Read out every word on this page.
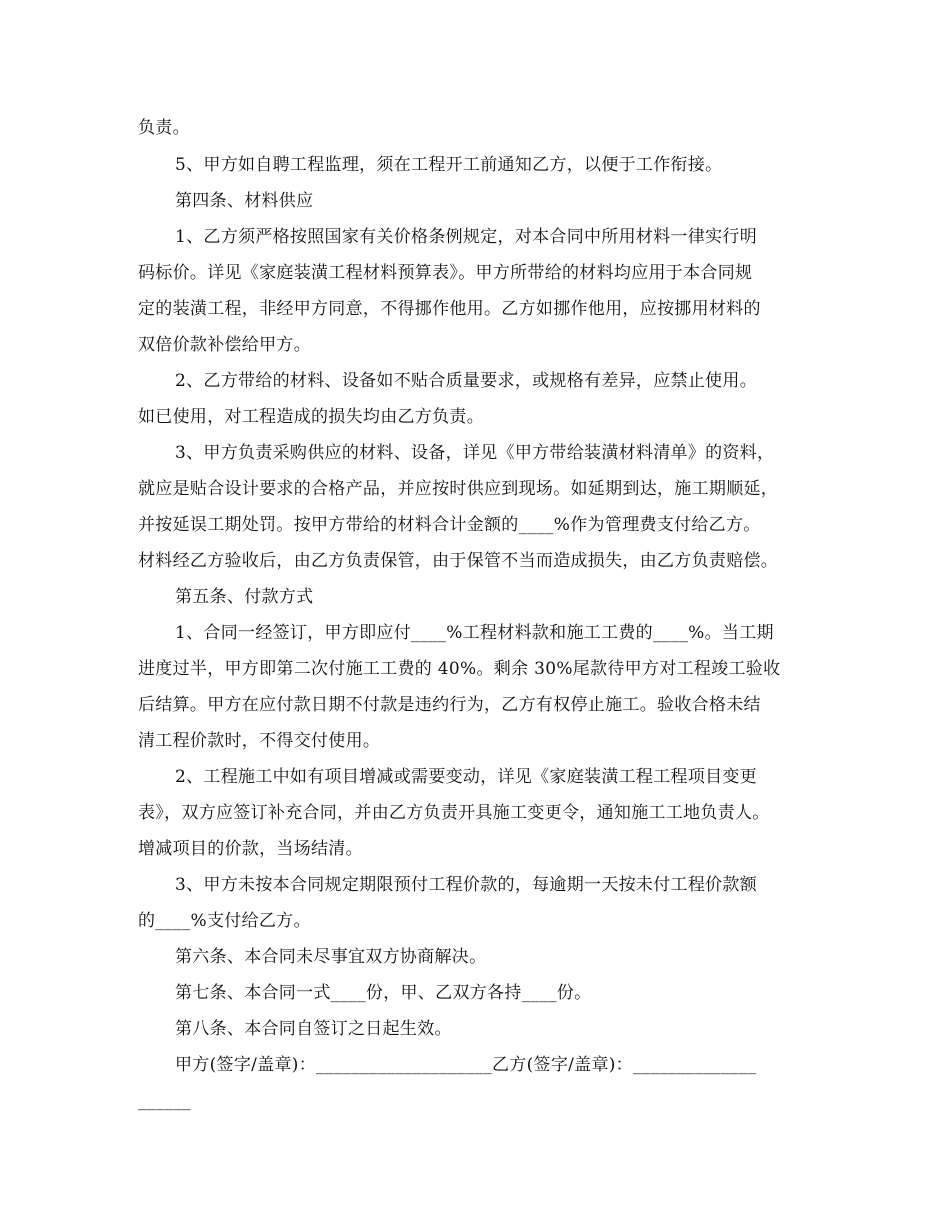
负责。
5、甲方如自聘工程监理，须在工程开工前通知乙方，以便于工作衔接。
第四条、材料供应
1、乙方须严格按照国家有关价格条例规定，对本合同中所用材料一律实行明
码标价。详见《家庭装潢工程材料预算表》。甲方所带给的材料均应用于本合同规
定的装潢工程，非经甲方同意，不得挪作他用。乙方如挪作他用，应按挪用材料的
双倍价款补偿给甲方。
2、乙方带给的材料、设备如不贴合质量要求，或规格有差异，应禁止使用。
如已使用，对工程造成的损失均由乙方负责。
3、甲方负责采购供应的材料、设备，详见《甲方带给装潢材料清单》的资料，
就应是贴合设计要求的合格产品，并应按时供应到现场。如延期到达，施工期顺延，
并按延误工期处罚。按甲方带给的材料合计金额的____%作为管理费支付给乙方。
材料经乙方验收后，由乙方负责保管，由于保管不当而造成损失，由乙方负责赔偿。
第五条、付款方式
1、合同一经签订，甲方即应付____%工程材料款和施工工费的____%。当工期
进度过半，甲方即第二次付施工工费的 40%。剩余 30%尾款待甲方对工程竣工验收
后结算。甲方在应付款日期不付款是违约行为，乙方有权停止施工。验收合格未结
清工程价款时，不得交付使用。
2、工程施工中如有项目增减或需要变动，详见《家庭装潢工程工程项目变更
表》，双方应签订补充合同，并由乙方负责开具施工变更令，通知施工工地负责人。
增减项目的价款，当场结清。
3、甲方未按本合同规定期限预付工程价款的，每逾期一天按未付工程价款额
的____%支付给乙方。
第六条、本合同未尽事宜双方协商解决。
第七条、本合同一式____份，甲、乙双方各持____份。
第八条、本合同自签订之日起生效。
甲方(签字/盖章)：____________________乙方(签字/盖章)：______________
______
